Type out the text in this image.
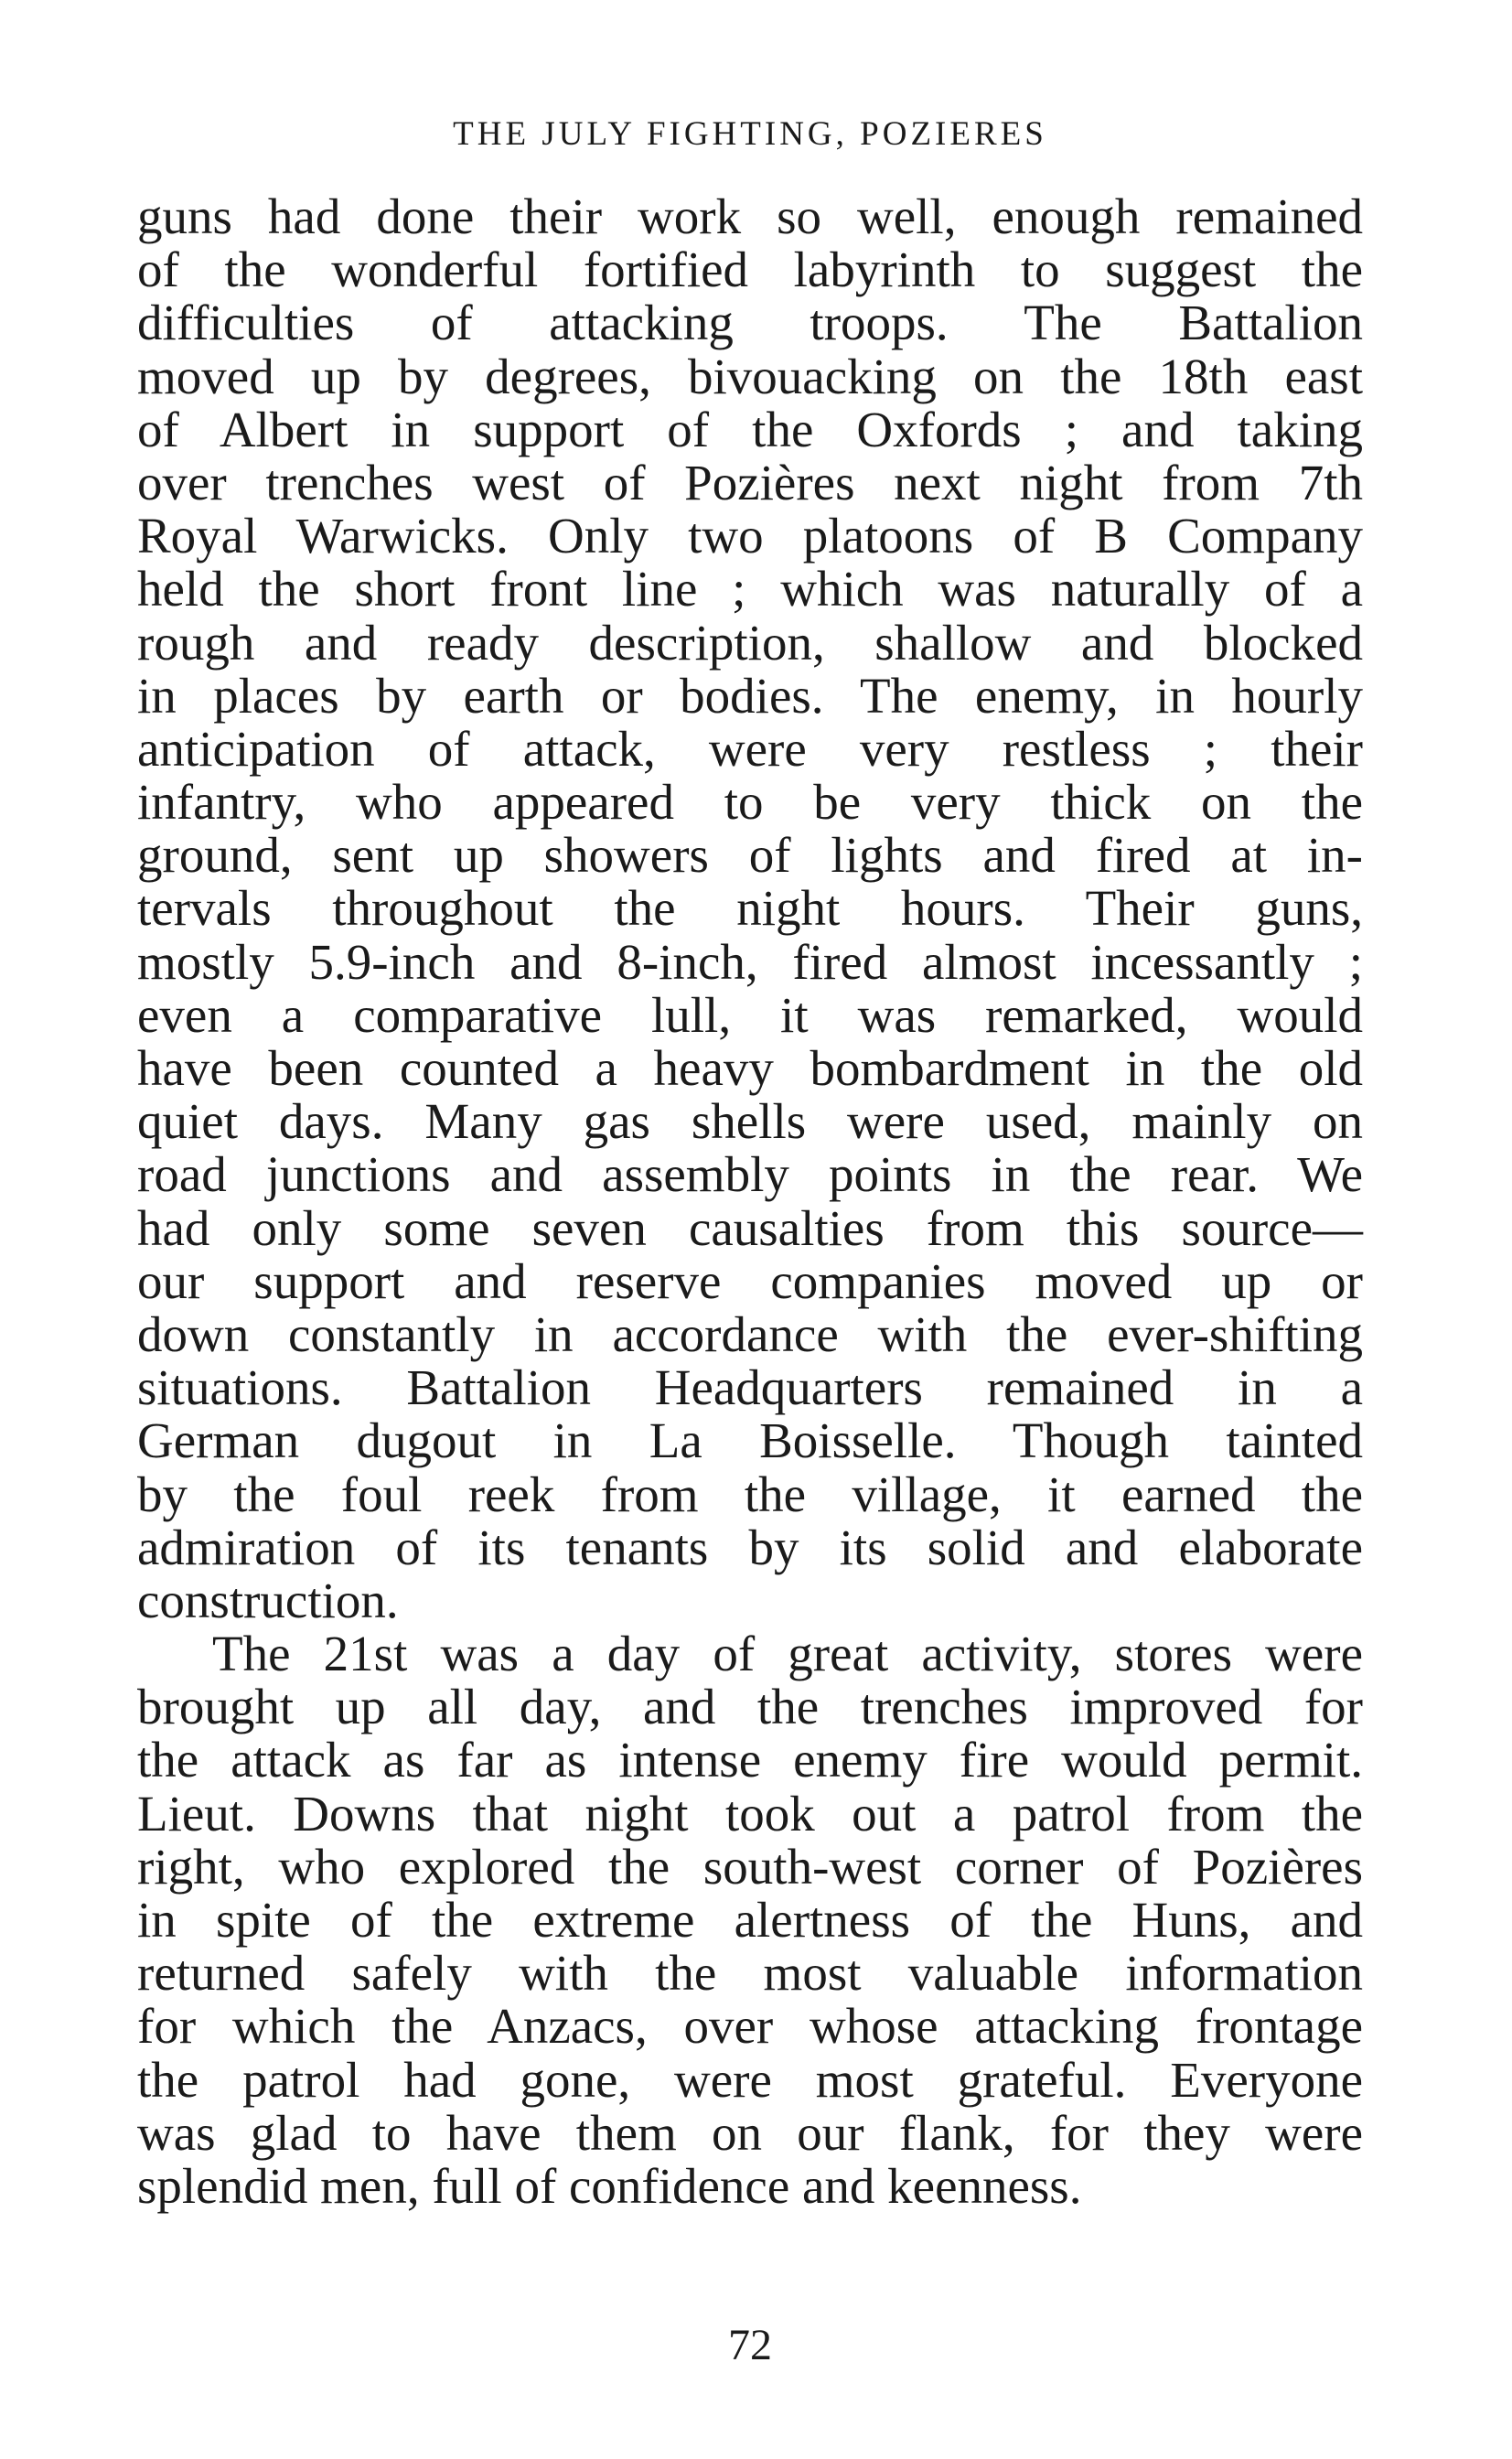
THE JULY FIGHTING, POZIERES
guns had done their work so well, enough remained
of the wonderful fortified labyrinth to suggest the
difficulties of attacking troops. The Battalion
moved up by degrees, bivouacking on the 18th east
of Albert in support of the Oxfords ; and taking
over trenches west of Pozières next night from 7th
Royal Warwicks. Only two platoons of B Company
held the short front line ; which was naturally of a
rough and ready description, shallow and blocked
in places by earth or bodies. The enemy, in hourly
anticipation of attack, were very restless ; their
infantry, who appeared to be very thick on the
ground, sent up showers of lights and fired at in-
tervals throughout the night hours. Their guns,
mostly 5.9-inch and 8-inch, fired almost incessantly ;
even a comparative lull, it was remarked, would
have been counted a heavy bombardment in the old
quiet days. Many gas shells were used, mainly on
road junctions and assembly points in the rear. We
had only some seven causalties from this source—
our support and reserve companies moved up or
down constantly in accordance with the ever-shifting
situations. Battalion Headquarters remained in a
German dugout in La Boisselle. Though tainted
by the foul reek from the village, it earned the
admiration of its tenants by its solid and elaborate
construction.
The 21st was a day of great activity, stores were
brought up all day, and the trenches improved for
the attack as far as intense enemy fire would permit.
Lieut. Downs that night took out a patrol from the
right, who explored the south-west corner of Pozières
in spite of the extreme alertness of the Huns, and
returned safely with the most valuable information
for which the Anzacs, over whose attacking frontage
the patrol had gone, were most grateful. Everyone
was glad to have them on our flank, for they were
splendid men, full of confidence and keenness.
72
